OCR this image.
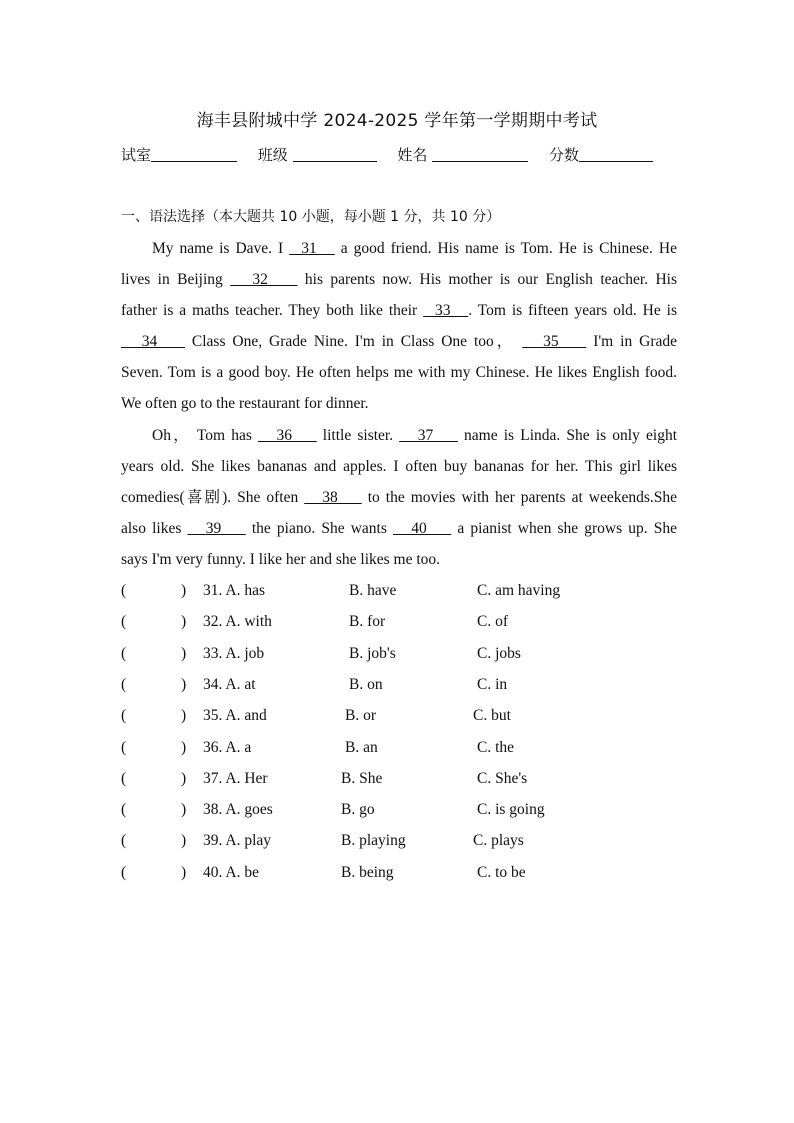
海丰县附城中学 2024-2025 学年第一学期期中考试
试室	班级	姓名	分数
一、语法选择（本大题共 10 小题，每小题 1 分，共 10 分）
My name is Dave. I   31    a good friend. His name is Tom. He is Chinese. He
lives in Beijing    32     his parents now. His mother is our English teacher. His
father is a maths teacher. They both like their   33   . Tom is fifteen years old. He is
34     Class One, Grade Nine. I'm in Class One too，    35     I'm in Grade
Seven. Tom is a good boy. He often helps me with my Chinese. He likes English food.
We often go to the restaurant for dinner.
Oh， Tom has    36     little sister.    37     name is Linda. She is only eight
years old. She likes bananas and apples. I often buy bananas for her. This girl likes
comedies(喜剧). She often    38     to the movies with her parents at weekends.She
also likes    39     the piano. She wants    40     a pianist when she grows up. She
says I'm very funny. I like her and she likes me too.
(	) 31. A. has	B. have	C. am having
(	) 32. A. with	B. for	C. of
(	) 33. A. job	B. job's	C. jobs
(	) 34. A. at	B. on	C. in
(	) 35. A. and	B. or	C. but
(	) 36. A. a	B. an	C. the
(	) 37. A. Her	B. She	C. She's
(	) 38. A. goes	B. go	C. is going
(	) 39. A. play	B. playing	C. plays
(	) 40. A. be	B. being	C. to be
